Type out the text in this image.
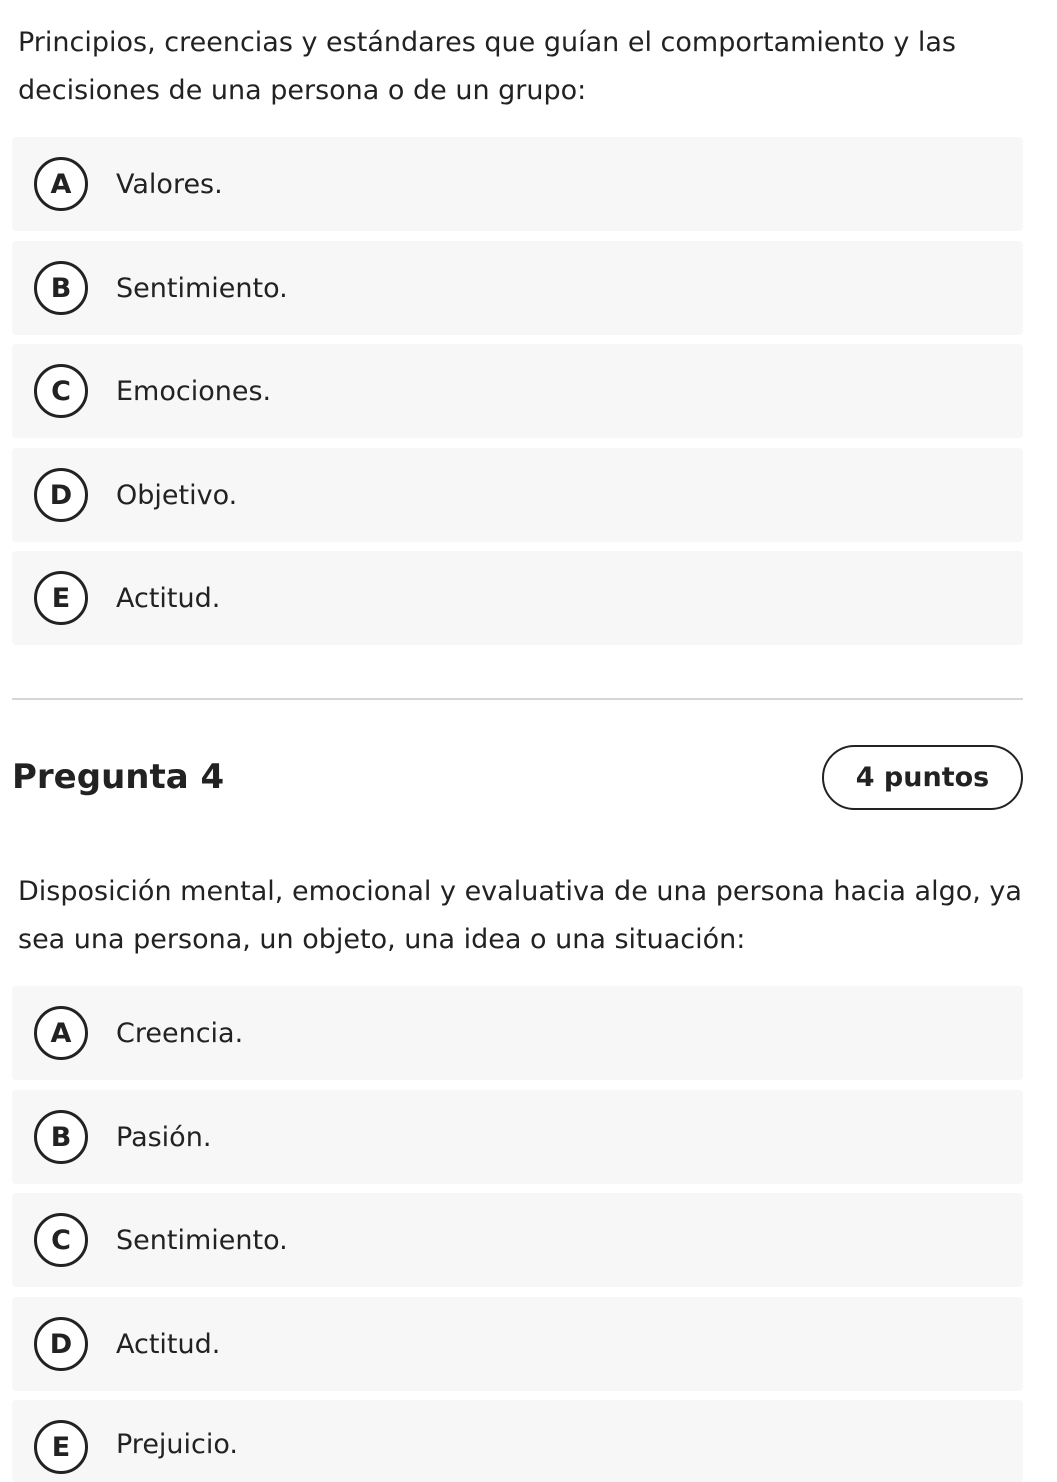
Principios, creencias y estándares que guían el comportamiento y las decisiones de una persona o de un grupo:

A	Valores.
B	Sentimiento.
C	Emociones.
D	Objetivo.
E	Actitud.
Pregunta 4	4 puntos

Disposición mental, emocional y evaluativa de una persona hacia algo, ya sea una persona, un objeto, una idea o una situación:

A	Creencia.
B	Pasión.
C	Sentimiento.
D	Actitud.
E	Prejuicio.
